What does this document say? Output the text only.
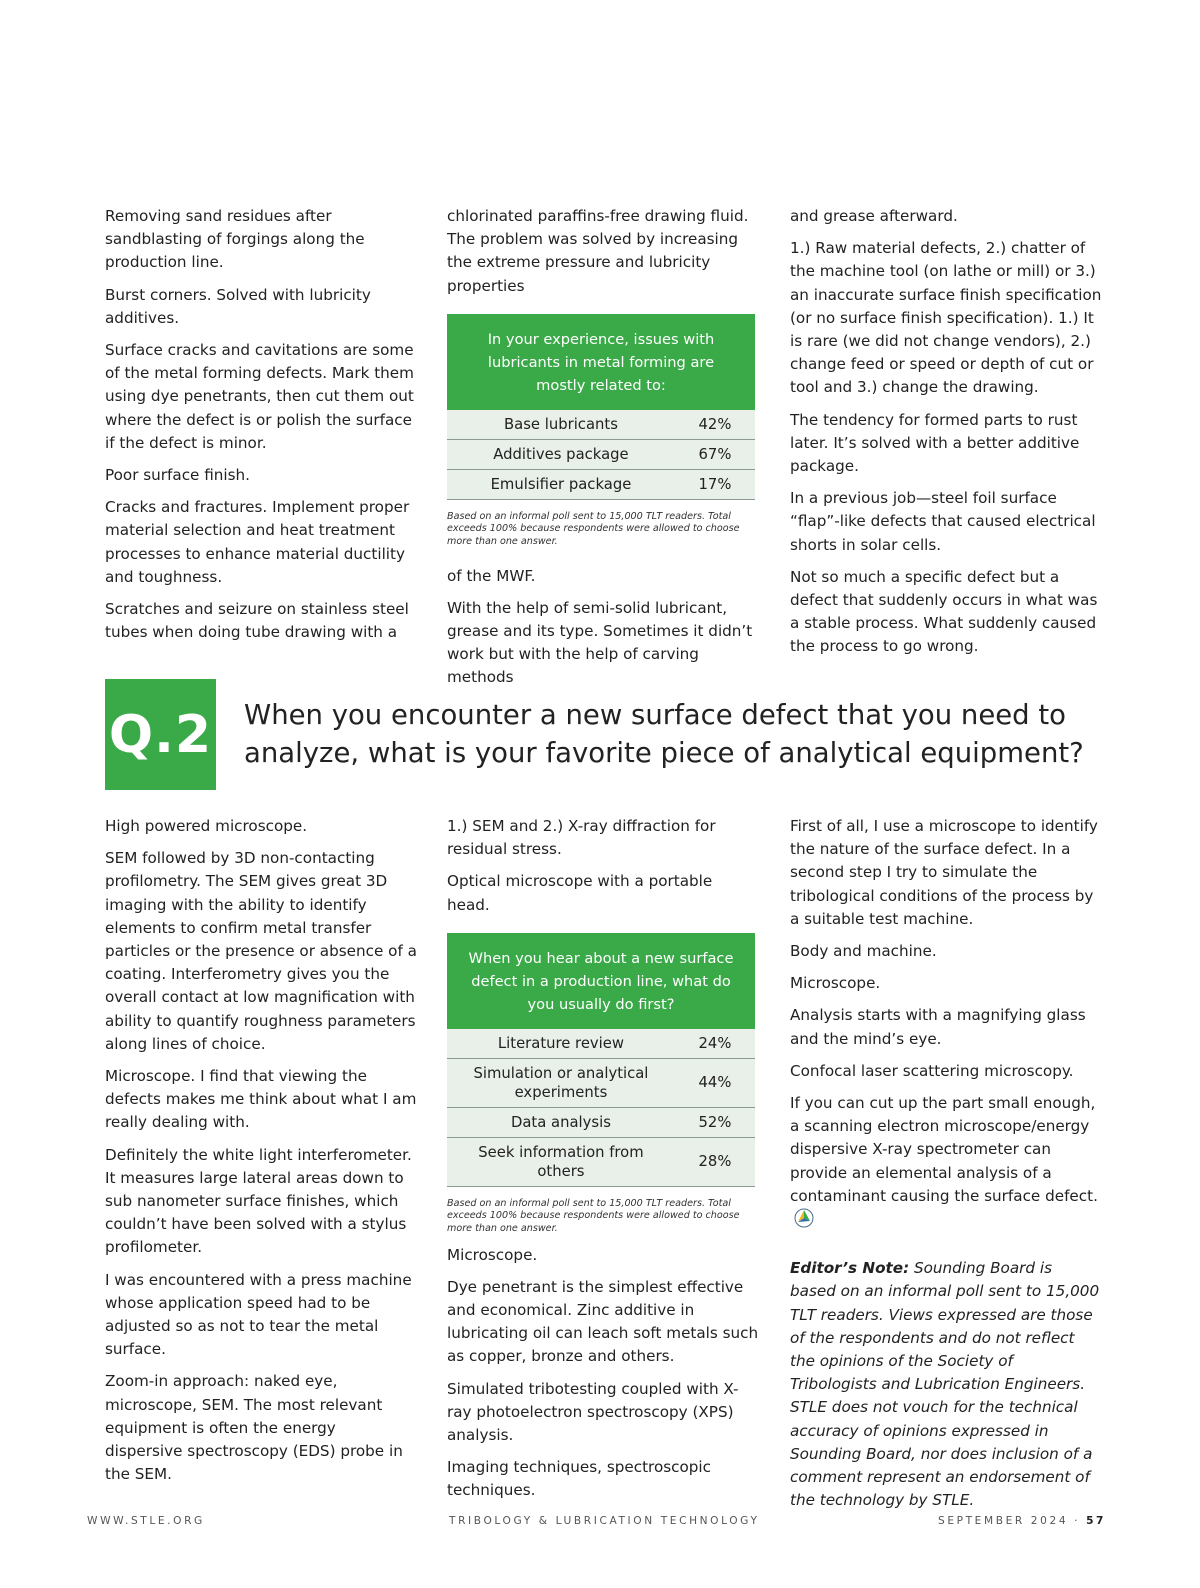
Removing sand residues after sandblasting of forgings along the production line.

Burst corners. Solved with lubricity additives.

Surface cracks and cavitations are some of the metal forming defects. Mark them using dye penetrants, then cut them out where the defect is or polish the surface if the defect is minor.

Poor surface finish.

Cracks and fractures. Implement proper material selection and heat treatment processes to enhance material ductility and toughness.

Scratches and seizure on stainless steel tubes when doing tube drawing with a

chlorinated paraffins-free drawing fluid. The problem was solved by increasing the extreme pressure and lubricity properties

In your experience, issues with lubricants in metal forming are mostly related to:
Base lubricants	42%
Additives package	67%
Emulsifier package	17%
Based on an informal poll sent to 15,000 TLT readers. Total exceeds 100% because respondents were allowed to choose more than one answer.

of the MWF.

With the help of semi-solid lubricant, grease and its type. Sometimes it didn’t work but with the help of carving methods

and grease afterward.

1.) Raw material defects, 2.) chatter of the machine tool (on lathe or mill) or 3.) an inaccurate surface finish specification (or no surface finish specification). 1.) It is rare (we did not change vendors), 2.) change feed or speed or depth of cut or tool and 3.) change the drawing.

The tendency for formed parts to rust later. It’s solved with a better additive package.

In a previous job—steel foil surface “flap”-like defects that caused electrical shorts in solar cells.

Not so much a specific defect but a defect that suddenly occurs in what was a stable process. What suddenly caused the process to go wrong.

Q.2 When you encounter a new surface defect that you need to analyze, what is your favorite piece of analytical equipment?

High powered microscope.

SEM followed by 3D non-contacting profilometry. The SEM gives great 3D imaging with the ability to identify elements to confirm metal transfer particles or the presence or absence of a coating. Interferometry gives you the overall contact at low magnification with ability to quantify roughness parameters along lines of choice.

Microscope. I find that viewing the defects makes me think about what I am really dealing with.

Definitely the white light interferometer. It measures large lateral areas down to sub nanometer surface finishes, which couldn’t have been solved with a stylus profilometer.

I was encountered with a press machine whose application speed had to be adjusted so as not to tear the metal surface.

Zoom-in approach: naked eye, microscope, SEM. The most relevant equipment is often the energy dispersive spectroscopy (EDS) probe in the SEM.

1.) SEM and 2.) X-ray diffraction for residual stress.

Optical microscope with a portable head.

When you hear about a new surface defect in a production line, what do you usually do first?
Literature review	24%
Simulation or analytical experiments	44%
Data analysis	52%
Seek information from others	28%
Based on an informal poll sent to 15,000 TLT readers. Total exceeds 100% because respondents were allowed to choose more than one answer.

Microscope.

Dye penetrant is the simplest effective and economical. Zinc additive in lubricating oil can leach soft metals such as copper, bronze and others.

Simulated tribotesting coupled with X-ray photoelectron spectroscopy (XPS) analysis.

Imaging techniques, spectroscopic techniques.

First of all, I use a microscope to identify the nature of the surface defect. In a second step I try to simulate the tribological conditions of the process by a suitable test machine.

Body and machine.

Microscope.

Analysis starts with a magnifying glass and the mind’s eye.

Confocal laser scattering microscopy.

If you can cut up the part small enough, a scanning electron microscope/energy dispersive X-ray spectrometer can provide an elemental analysis of a contaminant causing the surface defect.

Editor’s Note: Sounding Board is based on an informal poll sent to 15,000 TLT readers. Views expressed are those of the respondents and do not reflect the opinions of the Society of Tribologists and Lubrication Engineers. STLE does not vouch for the technical accuracy of opinions expressed in Sounding Board, nor does inclusion of a comment represent an endorsement of the technology by STLE.

WWW.STLE.ORG	TRIBOLOGY & LUBRICATION TECHNOLOGY	SEPTEMBER 2024 · 57
